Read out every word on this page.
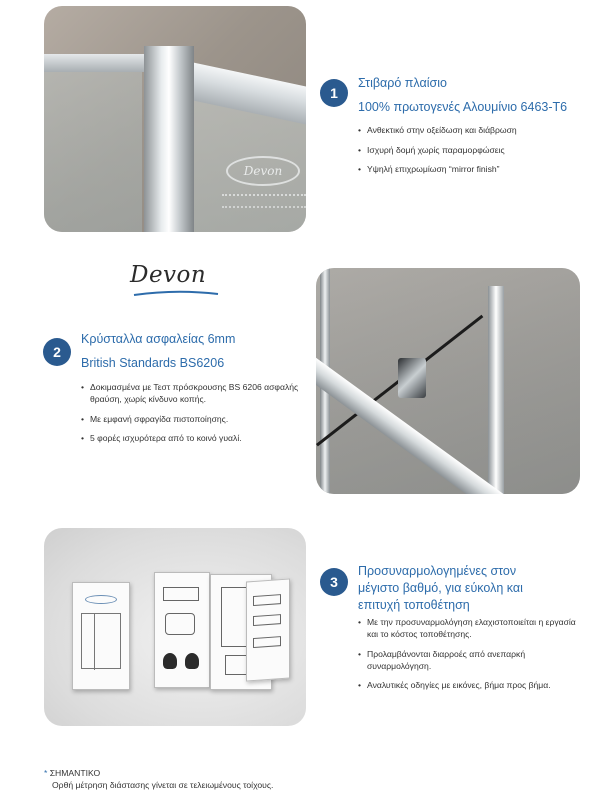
Devon
1
Στιβαρό πλαίσιο
100% πρωτογενές Αλουμίνιο 6463-T6
• Ανθεκτικό στην οξείδωση και διάβρωση
• Ισχυρή δομή χωρίς παραμορφώσεις
• Υψηλή επιχρωμίωση “mirror finish”
Devon
2
Κρύσταλλα ασφαλείας 6mm
British Standards BS6206
• Δοκιμασμένα με Τεστ πρόσκρουσης BS 6206 ασφαλής θραύση, χωρίς κίνδυνο κοπής.
• Με εμφανή σφραγίδα πιστοποίησης.
• 5 φορές ισχυρότερα από το κοινό γυαλί.
3
Προσυναρμολογημένες στον μέγιστο βαθμό, για εύκολη και επιτυχή τοποθέτηση
• Με την προσυναρμολόγηση ελαχιστοποιείται η εργασία και το κόστος τοποθέτησης.
• Προλαμβάνονται διαρροές από ανεπαρκή συναρμολόγηση.
• Αναλυτικές οδηγίες με εικόνες, βήμα προς βήμα.
* ΣΗΜΑΝΤΙΚΟ
Ορθή μέτρηση διάστασης γίνεται σε τελειωμένους τοίχους.
